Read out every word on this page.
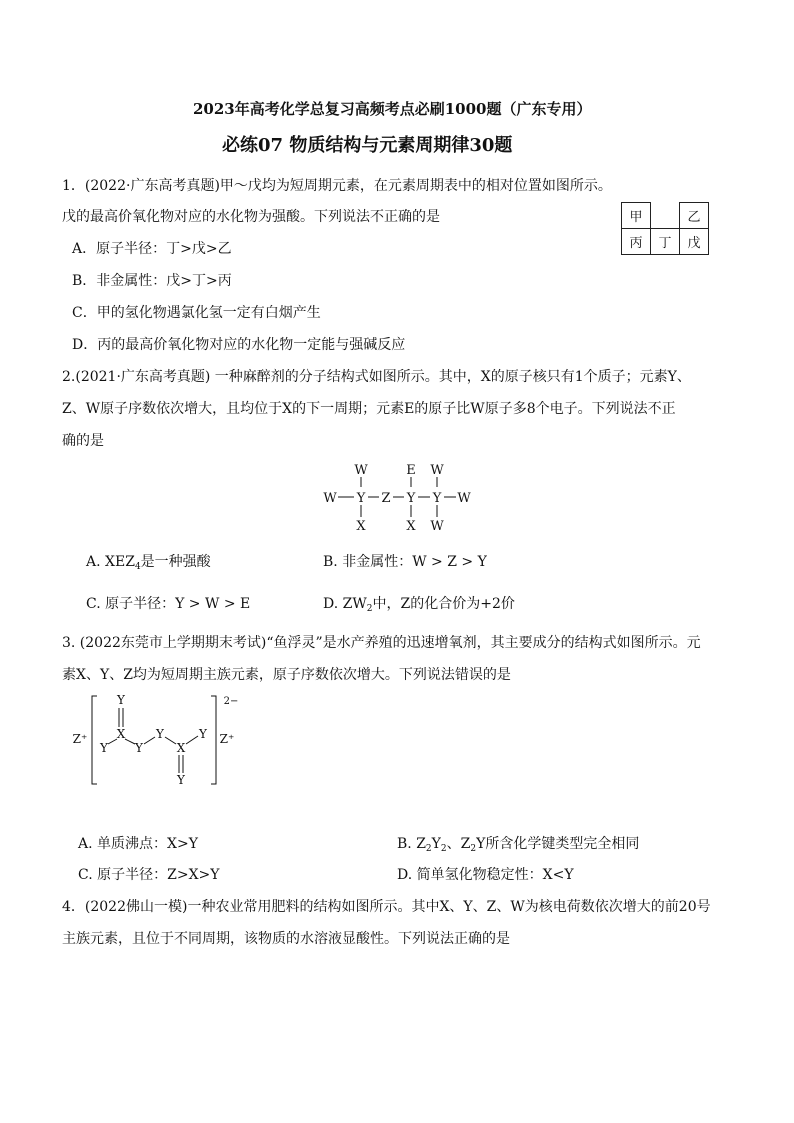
2023年高考化学总复习高频考点必刷1000题（广东专用）
必练07 物质结构与元素周期律30题
1．(2022·广东高考真题)甲～戊均为短周期元素，在元素周期表中的相对位置如图所示。
戊的最高价氧化物对应的水化物为强酸。下列说法不正确的是	甲		乙
丙	丁	戊
A．原子半径：丁>戊>乙
B．非金属性：戊>丁>丙
C．甲的氢化物遇氯化氢一定有白烟产生
D．丙的最高价氧化物对应的水化物一定能与强碱反应
2.(2021·广东高考真题) 一种麻醉剂的分子结构式如图所示。其中，X的原子核只有1个质子；元素Y、
Z、W原子序数依次增大，且均位于X的下一周期；元素E的原子比W原子多8个电子。下列说法不正
确的是
W	E W
W Y Z Y Y W
X	X W
A. $XEZ_4$是一种强酸	B. 非金属性：W > Z > Y
C. 原子半径：Y > W > E	D. $ZW_2$中，Z的化合价为+2价
3. (2022东莞市上学期期末考试)“鱼浮灵”是水产养殖的迅速增氧剂，其主要成分的结构式如图所示。元
素X、Y、Z均为短周期主族元素，原子序数依次增大。下列说法错误的是
Z⁺	Z⁺
2−
Y
X
Y Y
Y
X
Y
Y
A. 单质沸点：X>Y	B. $Z_2Y_2$、$Z_2Y$所含化学键类型完全相同
C. 原子半径：Z>X>Y	D. 简单氢化物稳定性：X<Y
4．(2022佛山一模)一种农业常用肥料的结构如图所示。其中X、Y、Z、W为核电荷数依次增大的前20号
主族元素，且位于不同周期，该物质的水溶液显酸性。下列说法正确的是
